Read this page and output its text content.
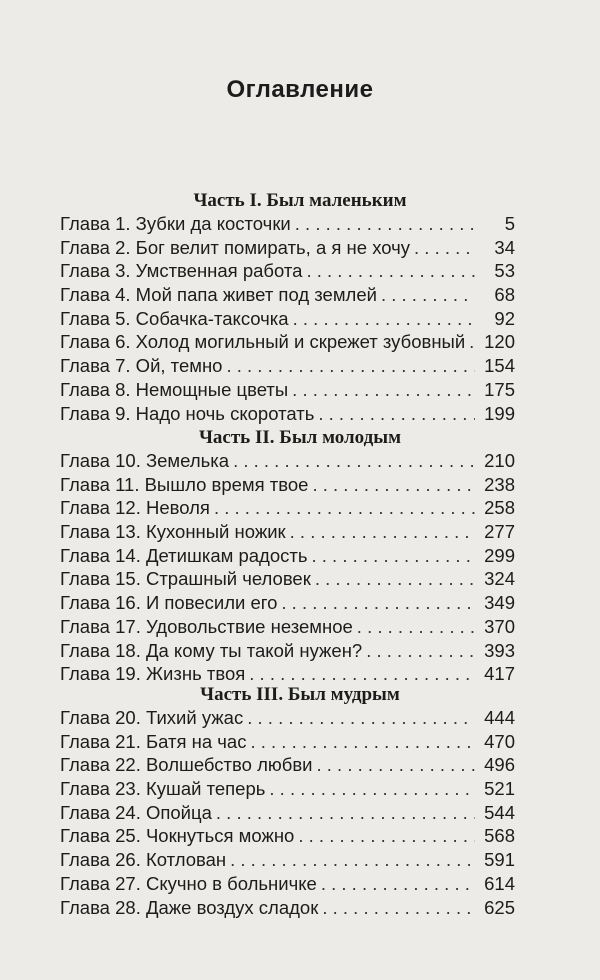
Оглавление
Часть I. Был маленьким
Глава 1. Зубки да косточки . . .	5
Глава 2. Бог велит помирать, а я не хочу . . .	34
Глава 3. Умственная работа . . .	53
Глава 4. Мой папа живет под землей . . .	68
Глава 5. Собачка-таксочка . . .	92
Глава 6. Холод могильный и скрежет зубовный . . . 120
Глава 7. Ой, темно . . .	154
Глава 8. Немощные цветы . . .	175
Глава 9. Надо ночь скоротать . . .	199
Часть II. Был молодым
Глава 10. Земелька . . .	210
Глава 11. Вышло время твое . . .	238
Глава 12. Неволя . . .	258
Глава 13. Кухонный ножик . . .	277
Глава 14. Детишкам радость . . .	299
Глава 15. Страшный человек . . .	324
Глава 16. И повесили его . . .	349
Глава 17. Удовольствие неземное . . .	370
Глава 18. Да кому ты такой нужен? . . .	393
Глава 19. Жизнь твоя . . .	417
Часть III. Был мудрым
Глава 20. Тихий ужас . . .	444
Глава 21. Батя на час . . .	470
Глава 22. Волшебство любви . . .	496
Глава 23. Кушай теперь . . .	521
Глава 24. Опойца . . .	544
Глава 25. Чокнуться можно . . .	568
Глава 26. Котлован . . .	591
Глава 27. Скучно в больничке . . .	614
Глава 28. Даже воздух сладок . . .	625
